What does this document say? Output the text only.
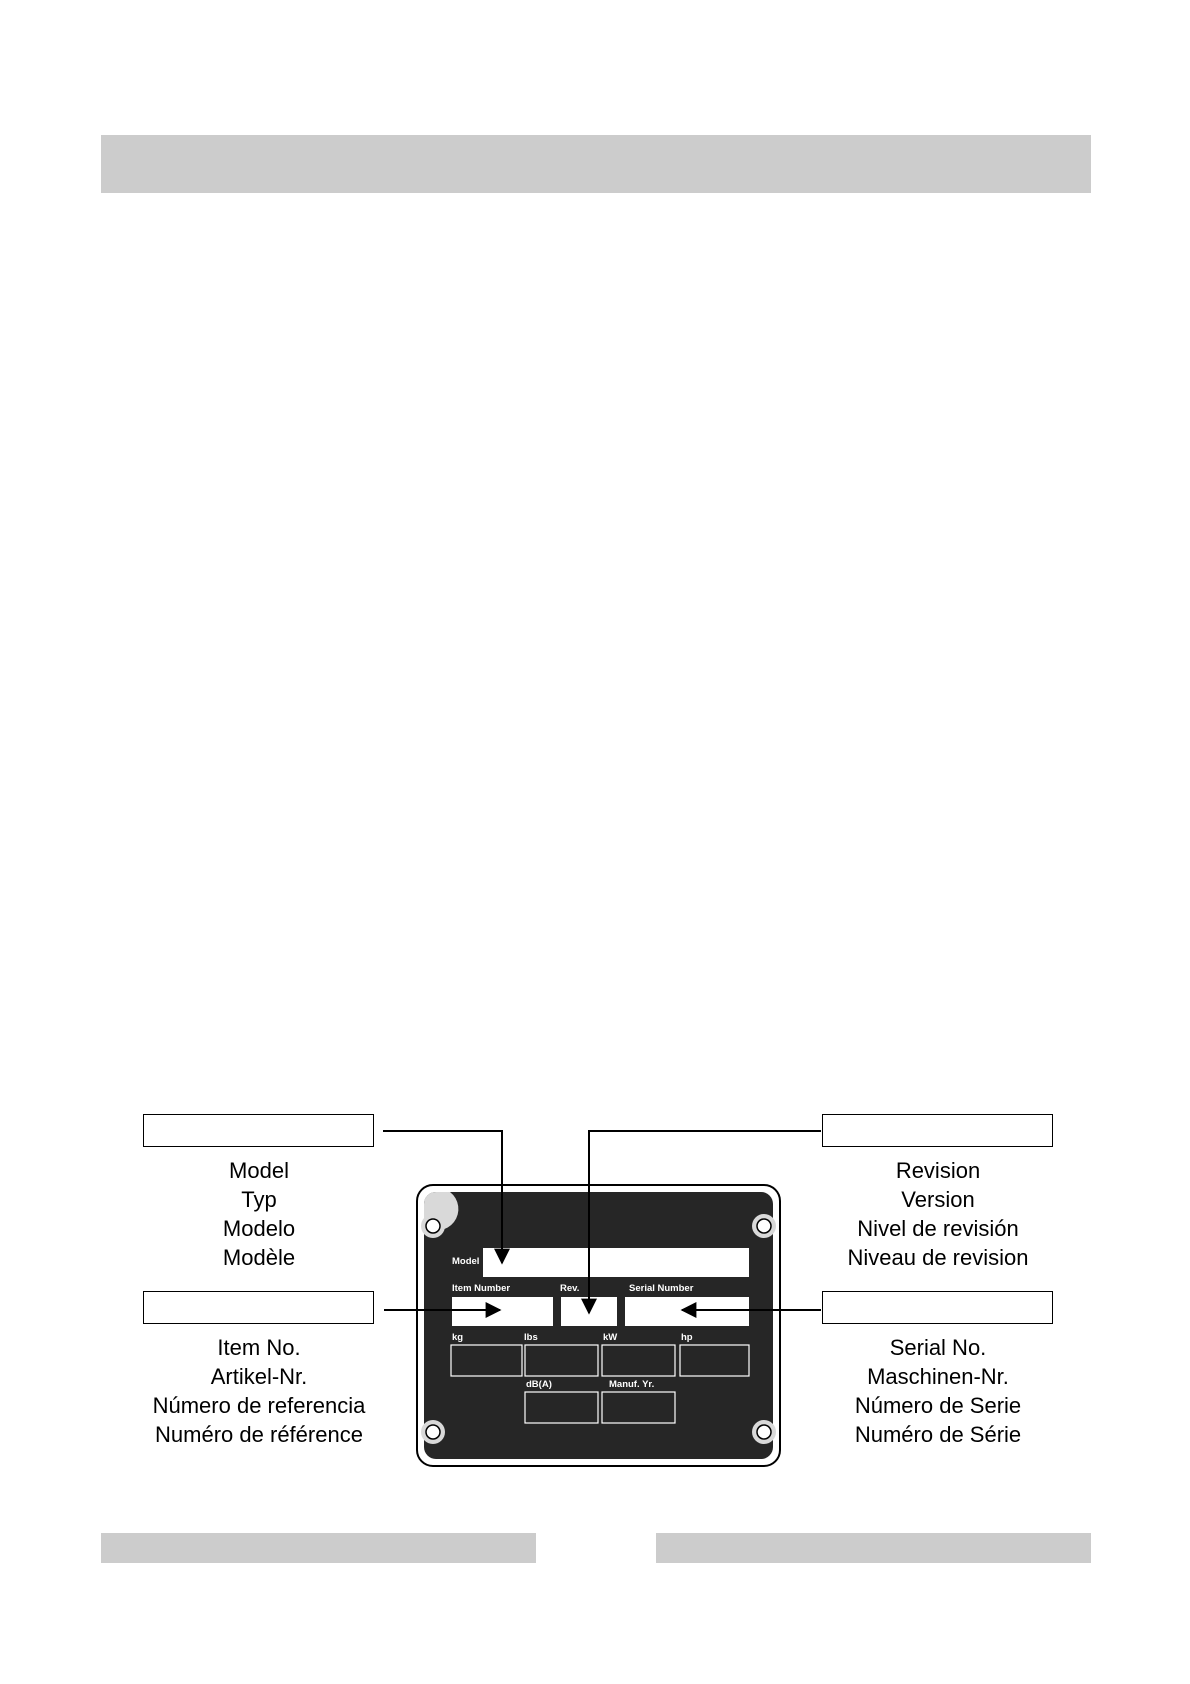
Model
Typ
Modelo
Modèle
Item No.
Artikel-Nr.
Número de referencia
Numéro de référence
Revision
Version
Nivel de revisión
Niveau de revision
Serial No.
Maschinen-Nr.
Número de Serie
Numéro de Série
Model
Item Number	Rev.	Serial Number
kg	lbs	kW	hp
dB(A)	Manuf. Yr.
